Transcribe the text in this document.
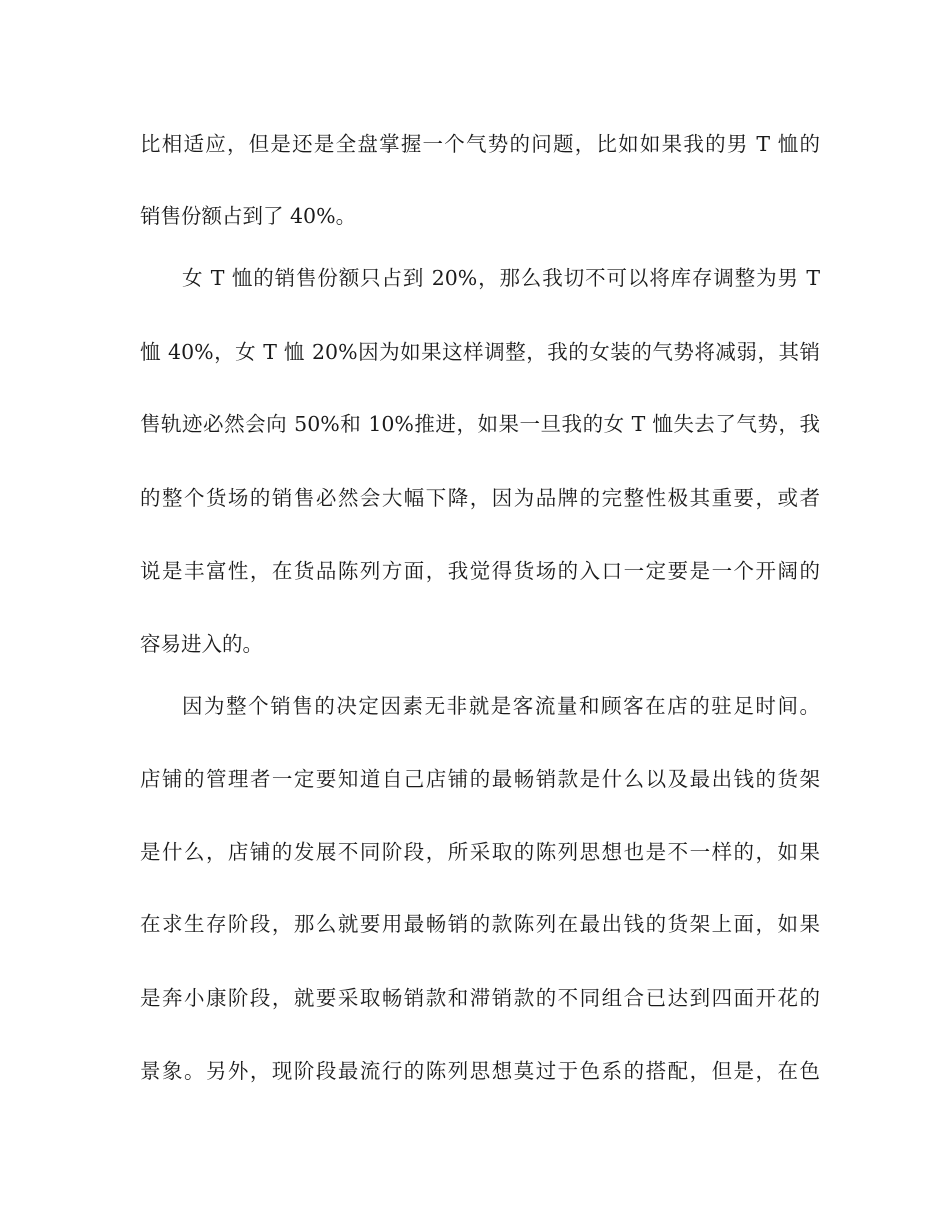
比相适应，但是还是全盘掌握一个气势的问题，比如如果我的男 T 恤的
销售份额占到了 40%。
女 T 恤的销售份额只占到 20%，那么我切不可以将库存调整为男 T
恤 40%，女 T 恤 20%因为如果这样调整，我的女装的气势将减弱，其销
售轨迹必然会向 50%和 10%推进，如果一旦我的女 T 恤失去了气势，我
的整个货场的销售必然会大幅下降，因为品牌的完整性极其重要，或者
说是丰富性，在货品陈列方面，我觉得货场的入口一定要是一个开阔的
容易进入的。
因为整个销售的决定因素无非就是客流量和顾客在店的驻足时间。
店铺的管理者一定要知道自己店铺的最畅销款是什么以及最出钱的货架
是什么，店铺的发展不同阶段，所采取的陈列思想也是不一样的，如果
在求生存阶段，那么就要用最畅销的款陈列在最出钱的货架上面，如果
是奔小康阶段，就要采取畅销款和滞销款的不同组合已达到四面开花的
景象。另外，现阶段最流行的陈列思想莫过于色系的搭配，但是，在色
